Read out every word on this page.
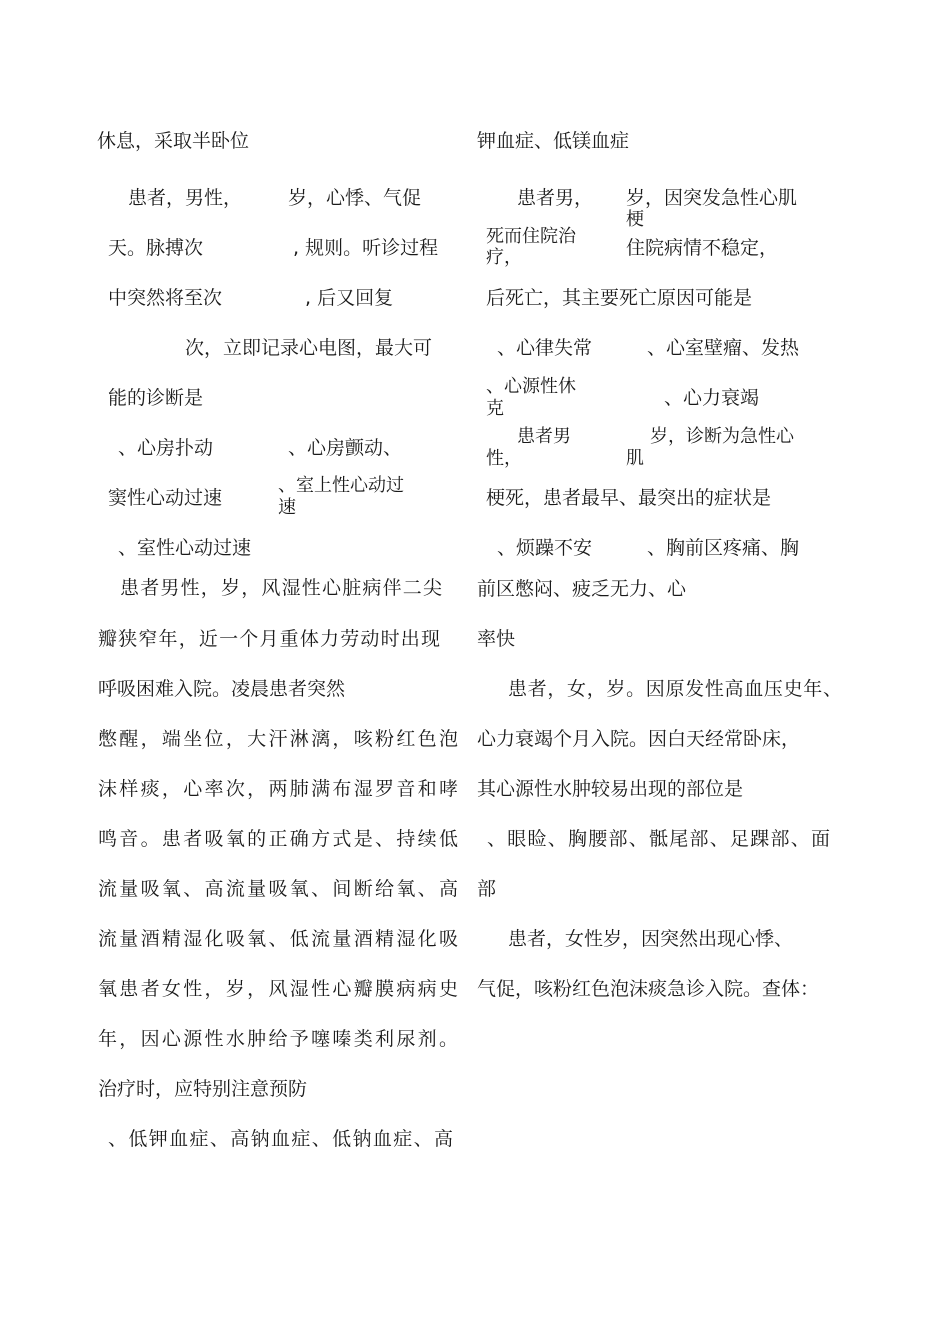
休息，采取半卧位
患者，男性， 岁，心悸、气促
天。脉搏次	, 规则。听诊过程
中突然将至次	, 后又回复
次，立即记录心电图，最大可
能的诊断是
、心房扑动	、心房颤动、
窦性心动过速
、室上性心动过
速
、室性心动过速
患者男性，岁，风湿性心脏病伴二尖
瓣狭窄年，近一个月重体力劳动时出现
呼吸困难入院。凌晨患者突然
憋醒，端坐位，大汗淋漓，咳粉红色泡
沫样痰，心率次，两肺满布湿罗音和哮
鸣音。患者吸氧的正确方式是、持续低
流量吸氧、高流量吸氧、间断给氧、高
流量酒精湿化吸氧、低流量酒精湿化吸
氧患者女性，岁，风湿性心瓣膜病病史
年，因心源性水肿给予噻嗪类利尿剂。
治疗时，应特别注意预防
、低钾血症、高钠血症、低钠血症、高
钾血症、低镁血症
患者男， 岁，因突发急性心肌
梗
死而住院治
疗，	住院病情不稳定，
后死亡，其主要死亡原因可能是
、心律失常	、心室壁瘤、发热
、心源性休
克	、心力衰竭
患者男
性，
岁，诊断为急性心
肌
梗死，患者最早、最突出的症状是
、烦躁不安	、胸前区疼痛、胸
前区憋闷、疲乏无力、心
率快
患者，女，岁。因原发性高血压史年、
心力衰竭个月入院。因白天经常卧床，
其心源性水肿较易出现的部位是
、眼睑、胸腰部、骶尾部、足踝部、面
部
患者，女性岁，因突然出现心悸、
气促，咳粉红色泡沫痰急诊入院。查体：
